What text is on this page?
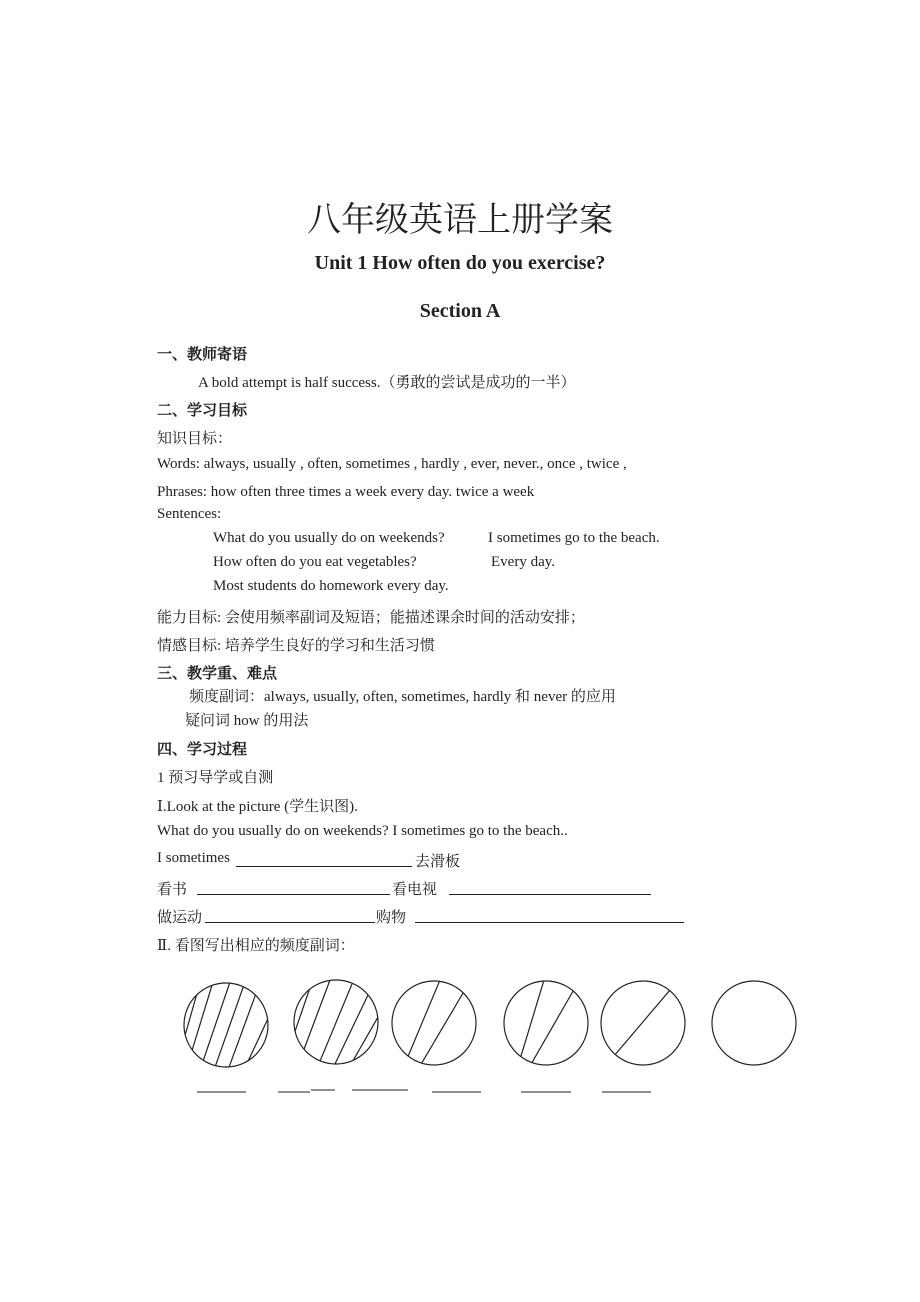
八年级英语上册学案
Unit 1 How often do you exercise?
Section A
一、教师寄语
A bold attempt is half success.（勇敢的尝试是成功的一半）
二、学习目标
知识目标：
Words: always, usually , often, sometimes , hardly , ever, never., once , twice ,
Phrases: how often three times a week every day. twice a week
Sentences:
What do you usually do on weekends?	I sometimes go to the beach.
How often do you eat vegetables?	Every day.
Most students do homework every day.
能力目标: 会使用频率副词及短语；能描述课余时间的活动安排；
情感目标: 培养学生良好的学习和生活习惯
三、教学重、难点
频度副词：always, usually, often, sometimes, hardly 和 never 的应用
疑问词 how 的用法
四、学习过程
1 预习导学或自测
Ⅰ.Look at the picture (学生识图).
What do you usually do on weekends? I sometimes go to the beach..
I sometimes	去滑板
看书	看电视
做运动	购物
Ⅱ. 看图写出相应的频度副词：
